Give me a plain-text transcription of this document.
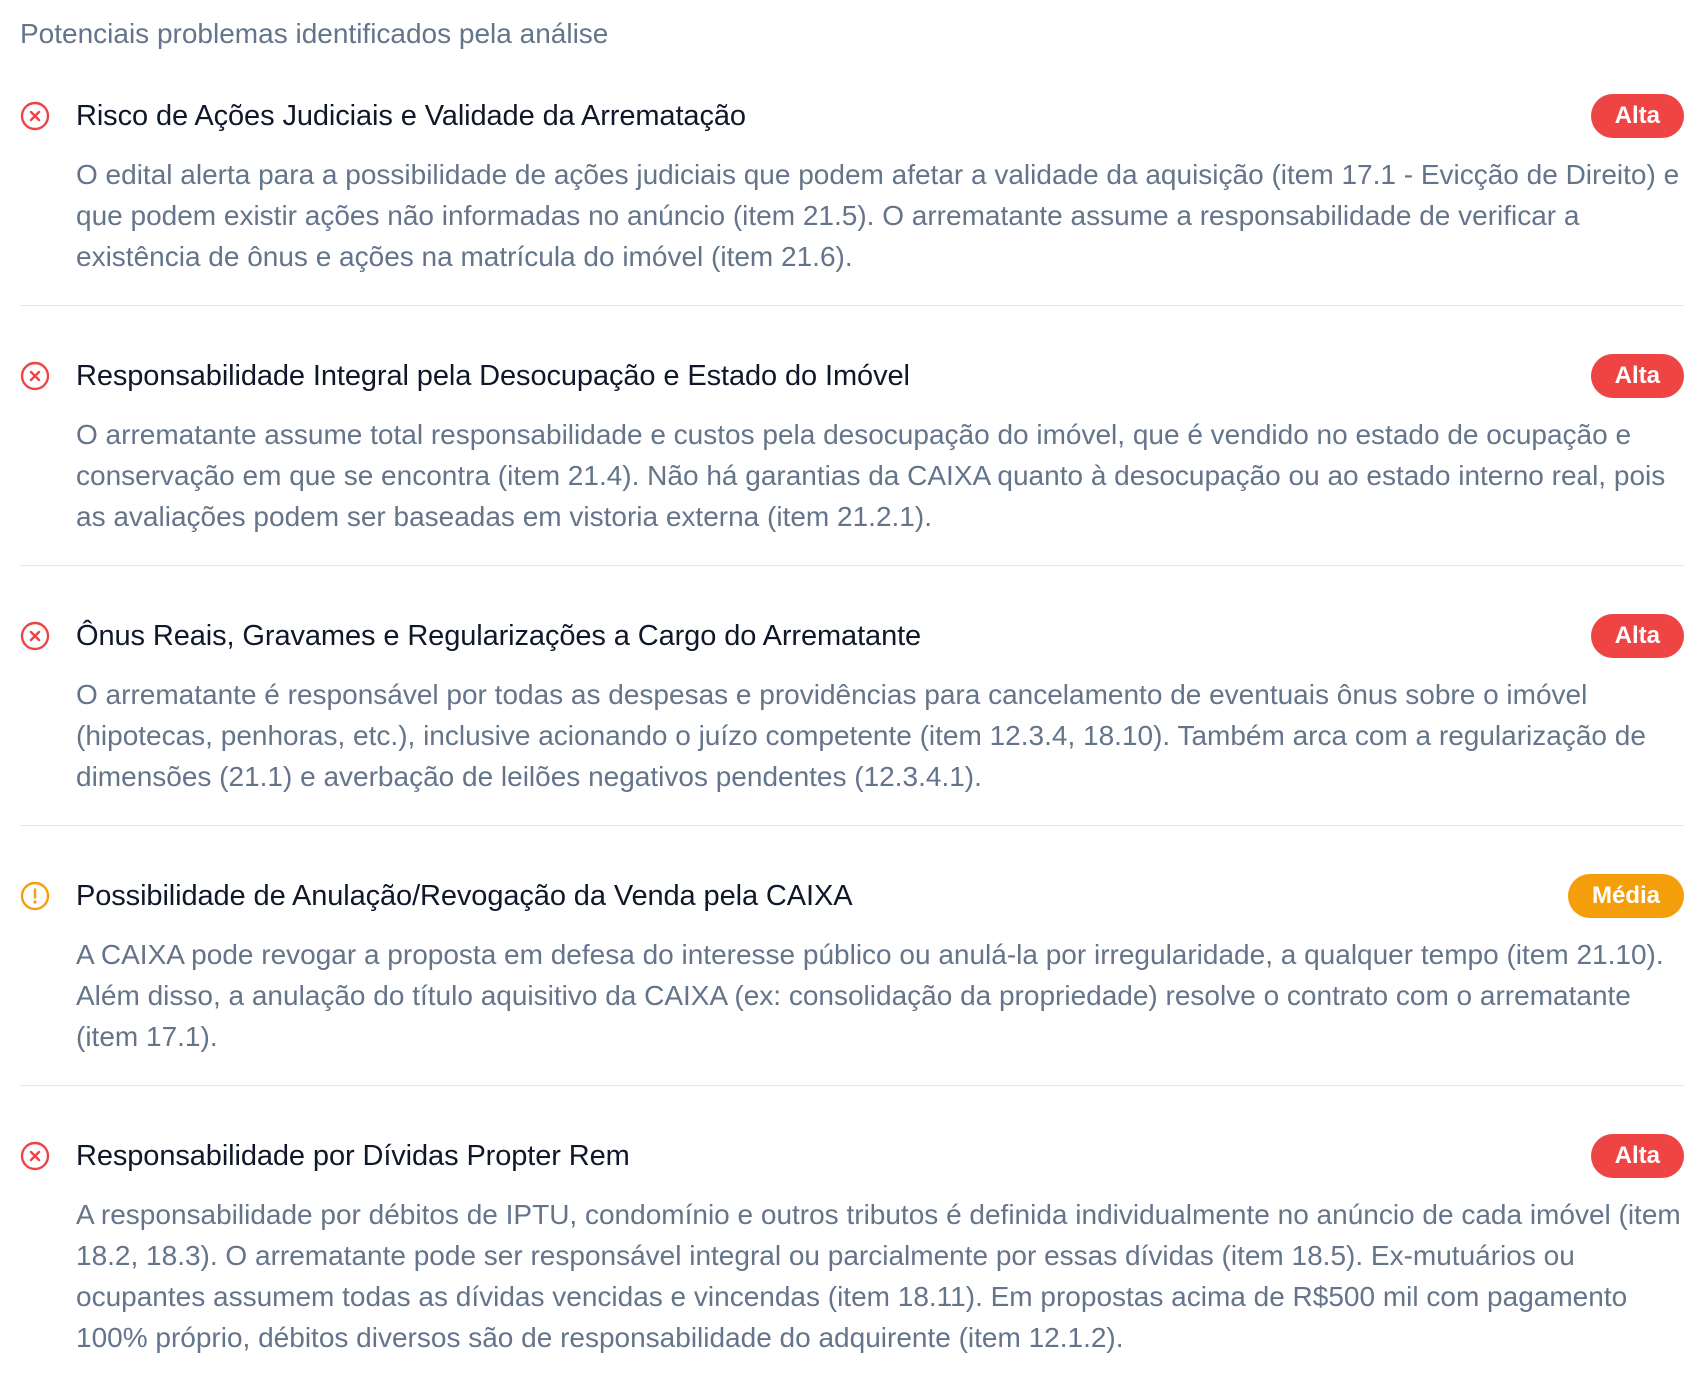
Potenciais problemas identificados pela análise
Risco de Ações Judiciais e Validade da Arrematação	Alta
O edital alerta para a possibilidade de ações judiciais que podem afetar a validade da aquisição (item 17.1 - Evicção de Direito) e que podem existir ações não informadas no anúncio (item 21.5). O arrematante assume a responsabilidade de verificar a existência de ônus e ações na matrícula do imóvel (item 21.6).
Responsabilidade Integral pela Desocupação e Estado do Imóvel	Alta
O arrematante assume total responsabilidade e custos pela desocupação do imóvel, que é vendido no estado de ocupação e conservação em que se encontra (item 21.4). Não há garantias da CAIXA quanto à desocupação ou ao estado interno real, pois as avaliações podem ser baseadas em vistoria externa (item 21.2.1).
Ônus Reais, Gravames e Regularizações a Cargo do Arrematante	Alta
O arrematante é responsável por todas as despesas e providências para cancelamento de eventuais ônus sobre o imóvel (hipotecas, penhoras, etc.), inclusive acionando o juízo competente (item 12.3.4, 18.10). Também arca com a regularização de dimensões (21.1) e averbação de leilões negativos pendentes (12.3.4.1).
Possibilidade de Anulação/Revogação da Venda pela CAIXA	Média
A CAIXA pode revogar a proposta em defesa do interesse público ou anulá-la por irregularidade, a qualquer tempo (item 21.10). Além disso, a anulação do título aquisitivo da CAIXA (ex: consolidação da propriedade) resolve o contrato com o arrematante (item 17.1).
Responsabilidade por Dívidas Propter Rem	Alta
A responsabilidade por débitos de IPTU, condomínio e outros tributos é definida individualmente no anúncio de cada imóvel (item 18.2, 18.3). O arrematante pode ser responsável integral ou parcialmente por essas dívidas (item 18.5). Ex-mutuários ou ocupantes assumem todas as dívidas vencidas e vincendas (item 18.11). Em propostas acima de R$500 mil com pagamento 100% próprio, débitos diversos são de responsabilidade do adquirente (item 12.1.2).
